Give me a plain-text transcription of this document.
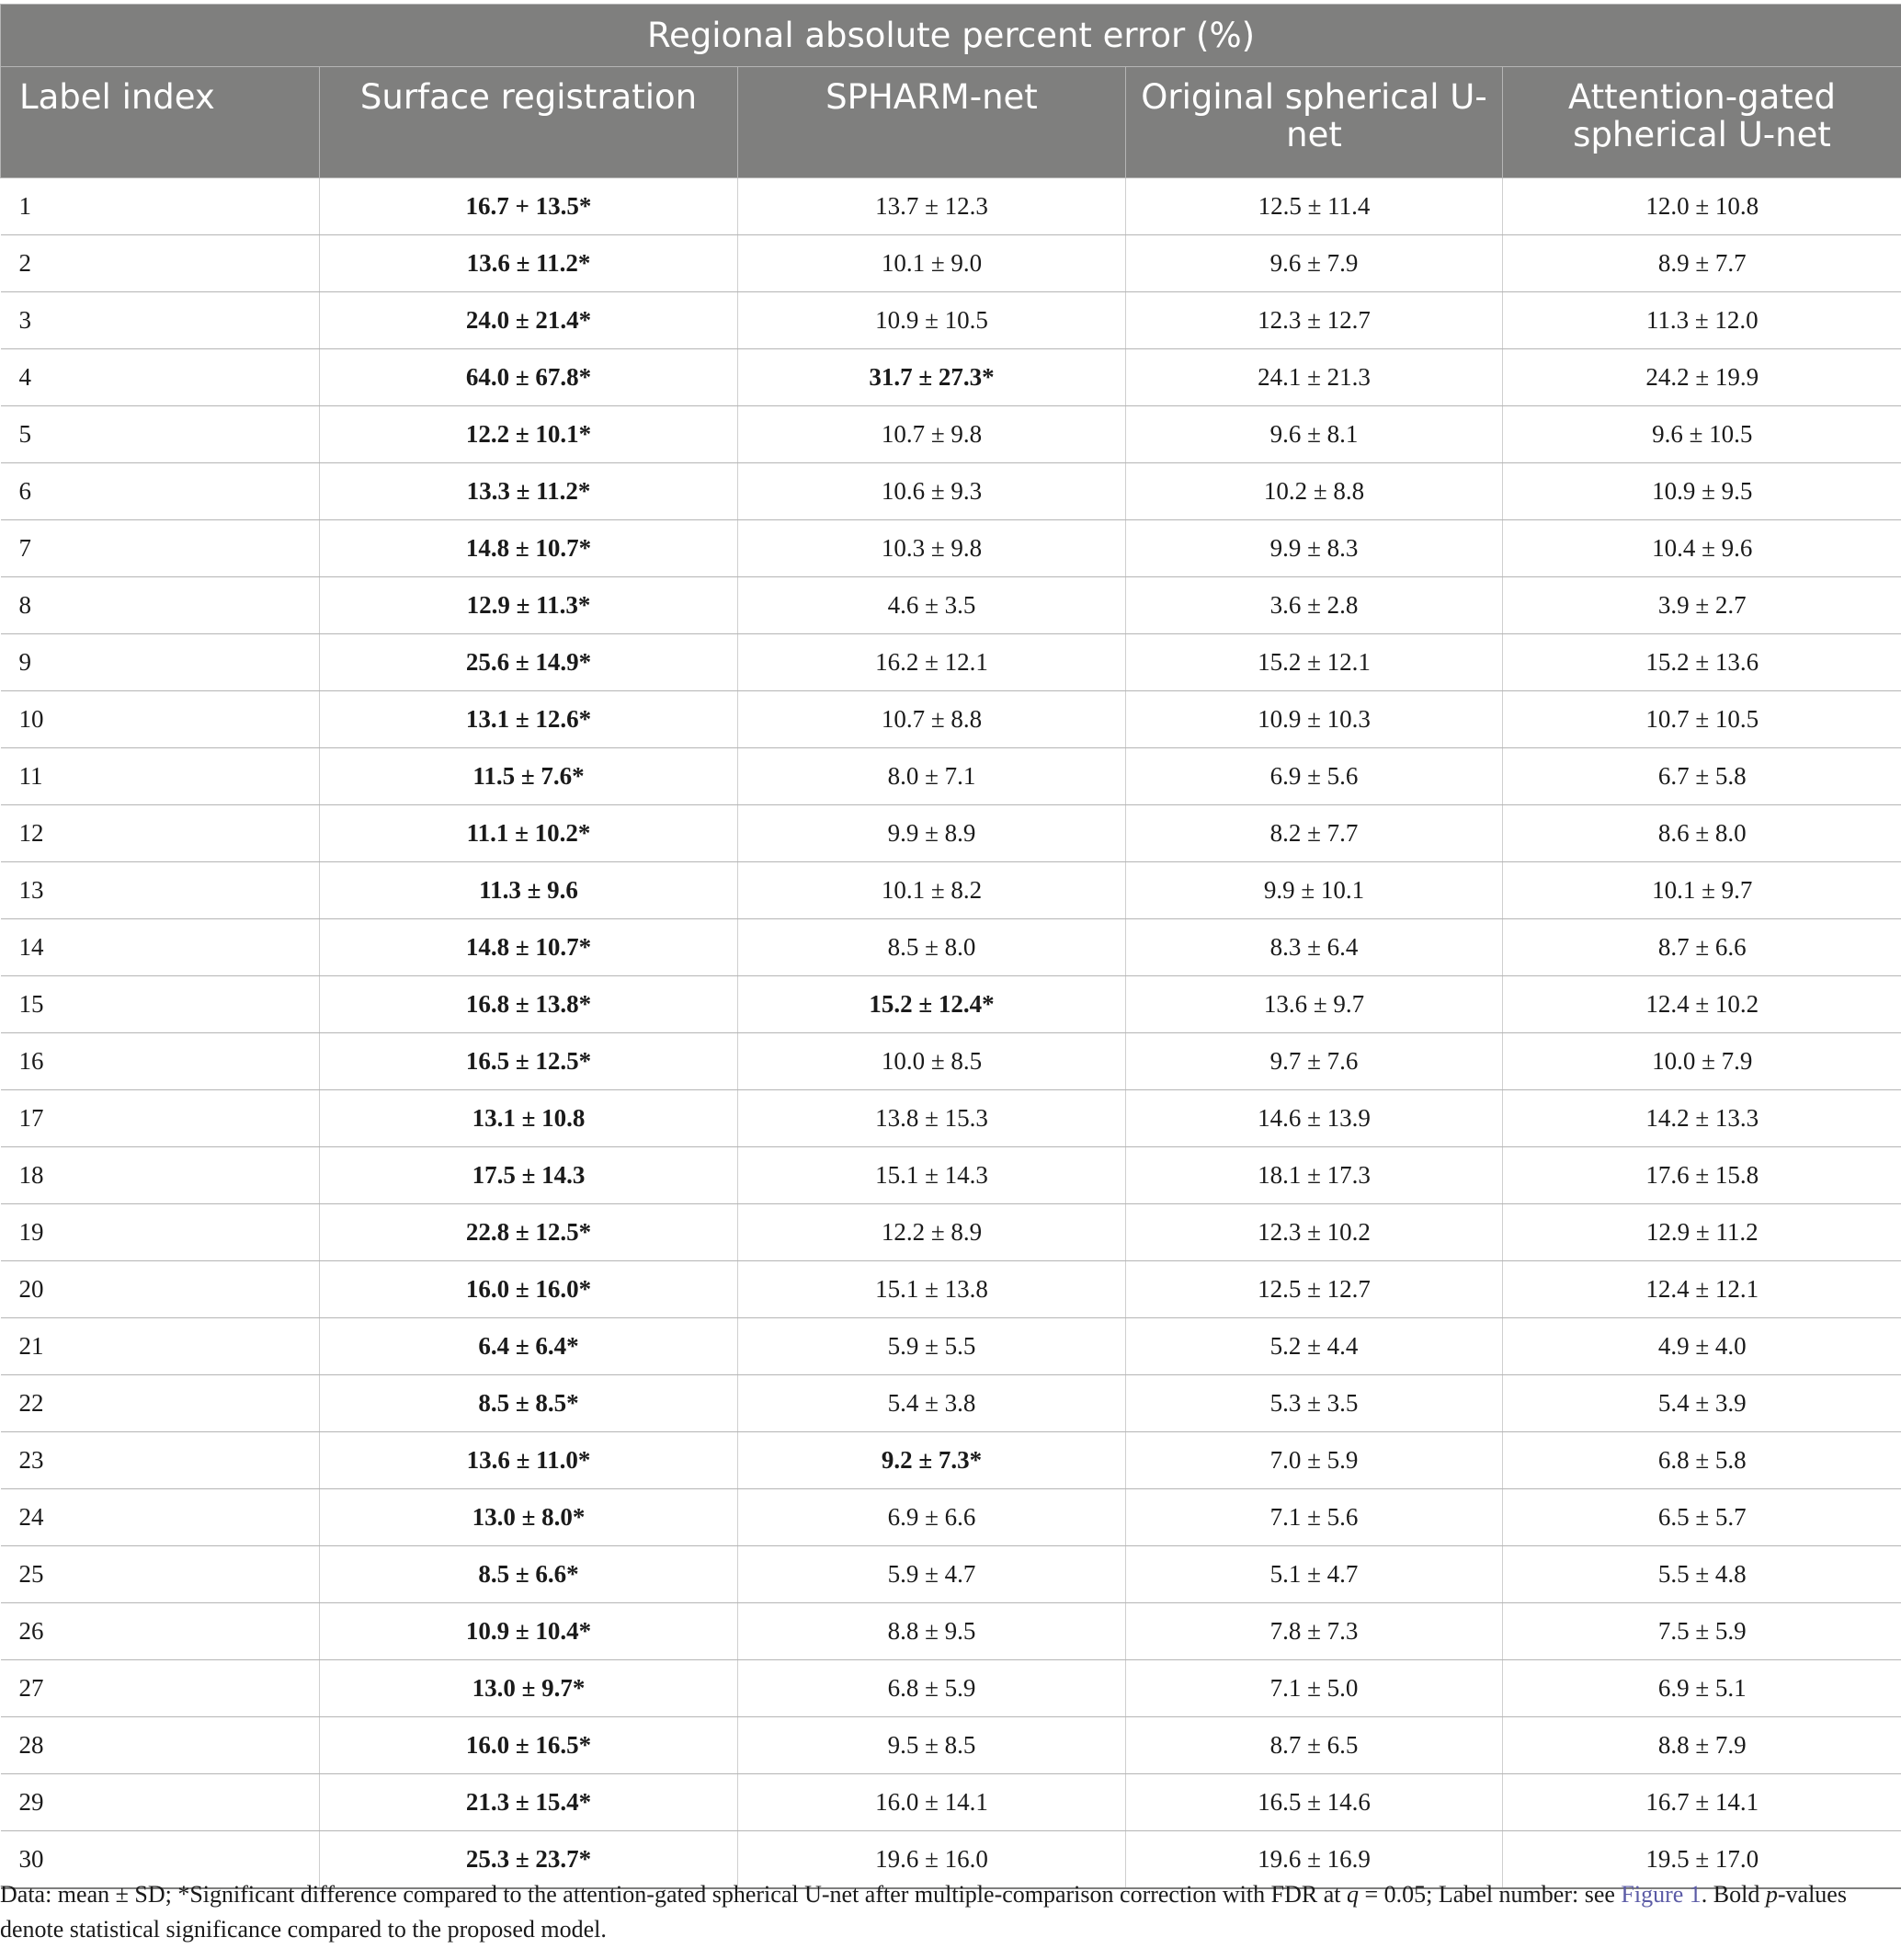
Regional absolute percent error (%)				
Label index	Surface registration	SPHARM-net	Original spherical U-net	Attention-gated spherical U-net
1	16.7 + 13.5*	13.7 ± 12.3	12.5 ± 11.4	12.0 ± 10.8
2	13.6 ± 11.2*	10.1 ± 9.0	9.6 ± 7.9	8.9 ± 7.7
3	24.0 ± 21.4*	10.9 ± 10.5	12.3 ± 12.7	11.3 ± 12.0
4	64.0 ± 67.8*	31.7 ± 27.3*	24.1 ± 21.3	24.2 ± 19.9
5	12.2 ± 10.1*	10.7 ± 9.8	9.6 ± 8.1	9.6 ± 10.5
6	13.3 ± 11.2*	10.6 ± 9.3	10.2 ± 8.8	10.9 ± 9.5
7	14.8 ± 10.7*	10.3 ± 9.8	9.9 ± 8.3	10.4 ± 9.6
8	12.9 ± 11.3*	4.6 ± 3.5	3.6 ± 2.8	3.9 ± 2.7
9	25.6 ± 14.9*	16.2 ± 12.1	15.2 ± 12.1	15.2 ± 13.6
10	13.1 ± 12.6*	10.7 ± 8.8	10.9 ± 10.3	10.7 ± 10.5
11	11.5 ± 7.6*	8.0 ± 7.1	6.9 ± 5.6	6.7 ± 5.8
12	11.1 ± 10.2*	9.9 ± 8.9	8.2 ± 7.7	8.6 ± 8.0
13	11.3 ± 9.6	10.1 ± 8.2	9.9 ± 10.1	10.1 ± 9.7
14	14.8 ± 10.7*	8.5 ± 8.0	8.3 ± 6.4	8.7 ± 6.6
15	16.8 ± 13.8*	15.2 ± 12.4*	13.6 ± 9.7	12.4 ± 10.2
16	16.5 ± 12.5*	10.0 ± 8.5	9.7 ± 7.6	10.0 ± 7.9
17	13.1 ± 10.8	13.8 ± 15.3	14.6 ± 13.9	14.2 ± 13.3
18	17.5 ± 14.3	15.1 ± 14.3	18.1 ± 17.3	17.6 ± 15.8
19	22.8 ± 12.5*	12.2 ± 8.9	12.3 ± 10.2	12.9 ± 11.2
20	16.0 ± 16.0*	15.1 ± 13.8	12.5 ± 12.7	12.4 ± 12.1
21	6.4 ± 6.4*	5.9 ± 5.5	5.2 ± 4.4	4.9 ± 4.0
22	8.5 ± 8.5*	5.4 ± 3.8	5.3 ± 3.5	5.4 ± 3.9
23	13.6 ± 11.0*	9.2 ± 7.3*	7.0 ± 5.9	6.8 ± 5.8
24	13.0 ± 8.0*	6.9 ± 6.6	7.1 ± 5.6	6.5 ± 5.7
25	8.5 ± 6.6*	5.9 ± 4.7	5.1 ± 4.7	5.5 ± 4.8
26	10.9 ± 10.4*	8.8 ± 9.5	7.8 ± 7.3	7.5 ± 5.9
27	13.0 ± 9.7*	6.8 ± 5.9	7.1 ± 5.0	6.9 ± 5.1
28	16.0 ± 16.5*	9.5 ± 8.5	8.7 ± 6.5	8.8 ± 7.9
29	21.3 ± 15.4*	16.0 ± 14.1	16.5 ± 14.6	16.7 ± 14.1
30	25.3 ± 23.7*	19.6 ± 16.0	19.6 ± 16.9	19.5 ± 17.0
Data: mean ± SD; *Significant difference compared to the attention-gated spherical U-net after multiple-comparison correction with FDR at q = 0.05; Label number: see Figure 1. Bold p-values denote statistical significance compared to the proposed model.
